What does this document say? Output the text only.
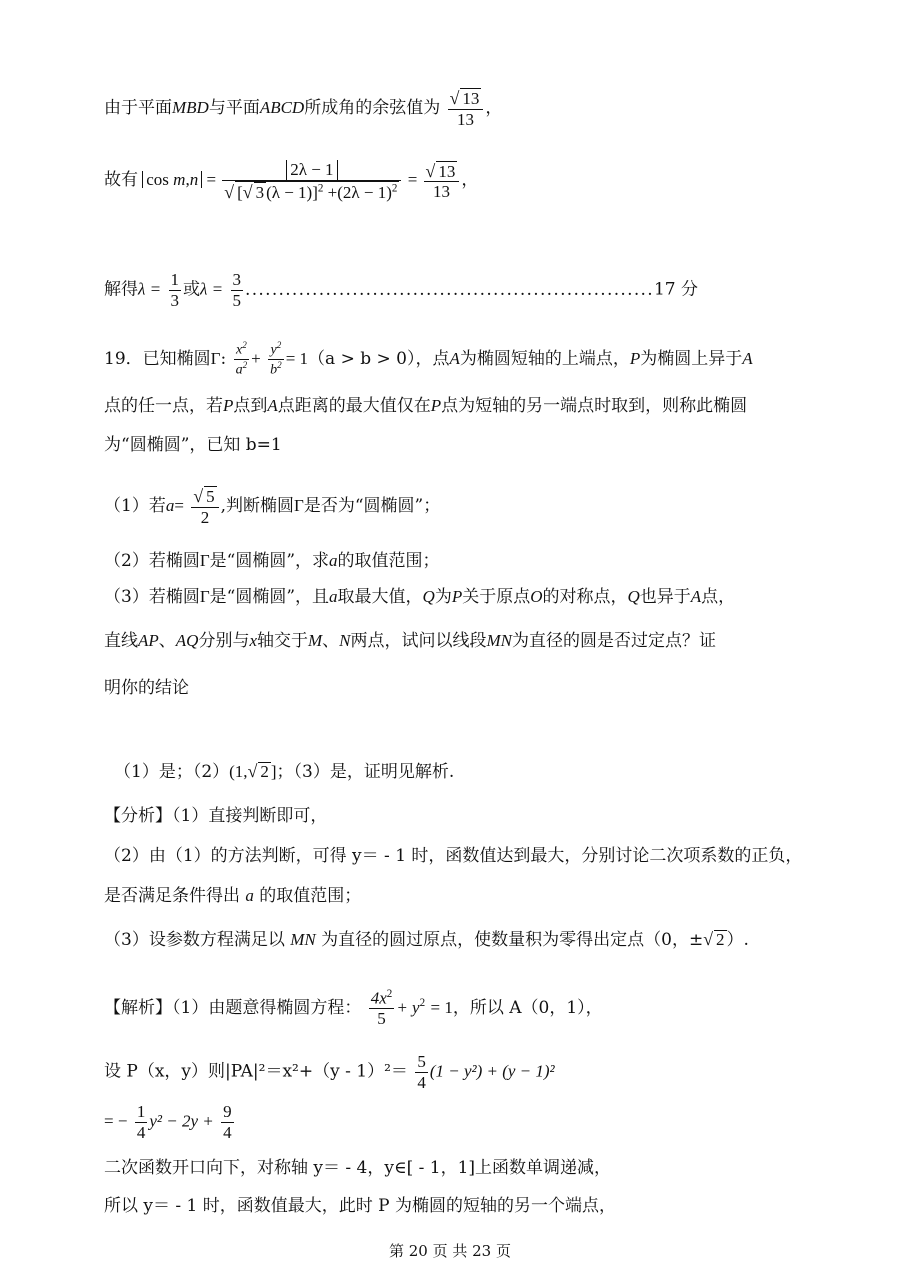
由于平面MBD与平面ABCD所成角的余弦值为 $\frac{√ 13}{13}$ ，
故有 $\cos m,n = \frac{2\lambda - 1}{√ [√ 3 (\lambda - 1)]^2 +(2\lambda - 1)^2} = \frac{√ 13}{13}$ ，
解得$\lambda = \frac{1}{3}$ 或$\lambda = \frac{3}{5} .............................................................17$ 分
19．已知椭圆Γ: $\frac{x^2}{a^2} + \frac{y^2}{b^2} = 1(a > b > 0)$，点A为椭圆短轴的上端点，P为椭圆上异于A
点的任一点，若P点到A点距离的最大值仅在P点为短轴的另一端点时取到，则称此椭圆
为“圆椭圆”，已知 b=1
（1）若$a= \frac{√ 5}{2}$ ,判断椭圆Γ是否为“圆椭圆”；
（2）若椭圆Γ是“圆椭圆”，求a的取值范围；
（3）若椭圆Γ是“圆椭圆”，且a取最大值，Q为P关于原点O的对称点，Q也异于A点，
直线AP、AQ分别与x轴交于M、N两点，试问以线段MN为直径的圆是否过定点？证
明你的结论
（1）是；（2）(1,√ 2 ]；（3）是，证明见解析.
【分析】（1）直接判断即可，
（2）由（1）的方法判断，可得 y＝ - 1 时，函数值达到最大，分别讨论二次项系数的正负，
是否满足条件得出 a 的取值范围；
（3）设参数方程满足以 MN 为直径的圆过原点，使数量积为零得出定点（0，±√ 2 ）.
【解析】（1）由题意得椭圆方程： $\frac{4x^2}{5} + y^2 = 1$，所以 A（0，1），
设 P（x，y）则$|PA|^2=x^2+(y - 1)^2= \frac{5}{4} (1 - y^2) + (y - 1)^2$
= − $\frac{1}{4} y^2 - 2y + \frac{9}{4}$
二次函数开口向下，对称轴 y＝ - 4，y∈[ - 1，1]上函数单调递减，
所以 y＝ - 1 时，函数值最大，此时 P 为椭圆的短轴的另一个端点，
第 20 页 共 23 页
